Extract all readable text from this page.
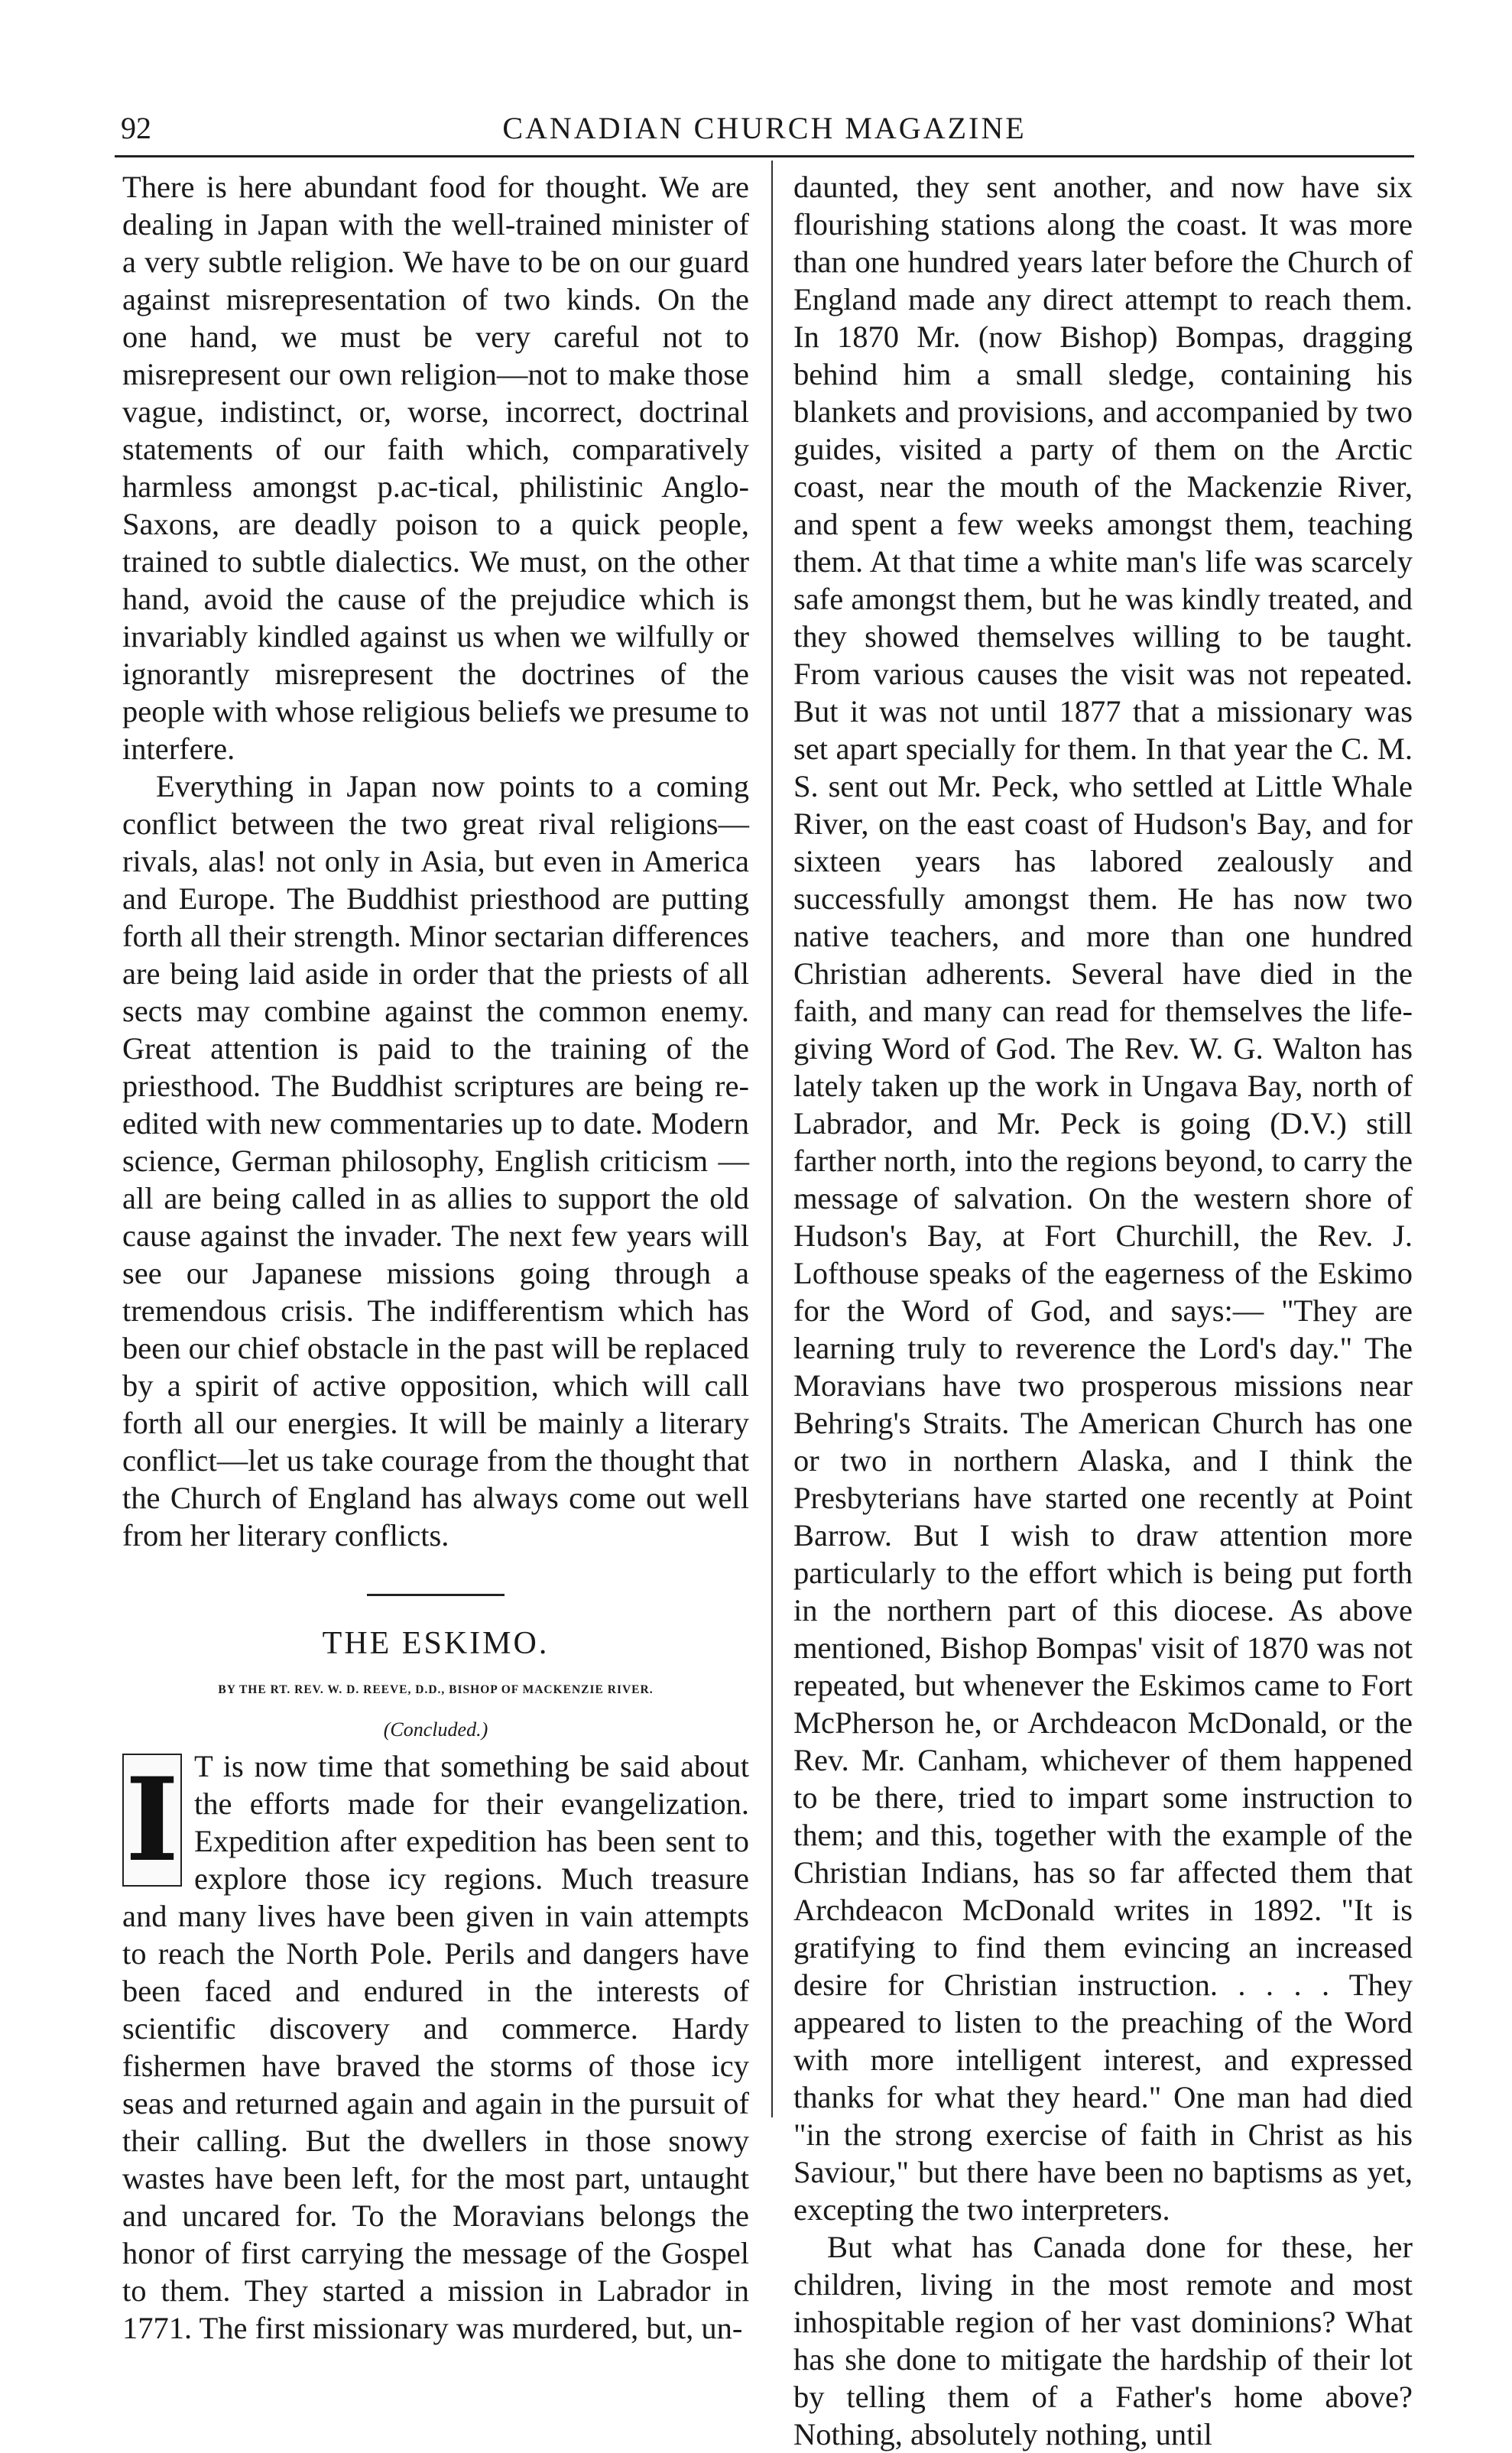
92	CANADIAN CHURCH MAGAZINE

There is here abundant food for thought. We are dealing in Japan with the well-trained minister of a very subtle religion. We have to be on our guard against misrepresentation of two kinds. On the one hand, we must be very careful not to misrepresent our own religion—not to make those vague, indistinct, or, worse, incorrect, doctrinal statements of our faith which, comparatively harmless amongst p.ac-tical, philistinic Anglo-Saxons, are deadly poison to a quick people, trained to subtle dialectics. We must, on the other hand, avoid the cause of the prejudice which is invariably kindled against us when we wilfully or ignorantly misrepresent the doctrines of the people with whose religious beliefs we presume to interfere.

Everything in Japan now points to a coming conflict between the two great rival religions—rivals, alas! not only in Asia, but even in America and Europe. The Buddhist priesthood are putting forth all their strength. Minor sectarian differences are being laid aside in order that the priests of all sects may combine against the common enemy. Great attention is paid to the training of the priesthood. The Buddhist scriptures are being re-edited with new commentaries up to date. Modern science, German philosophy, English criticism —all are being called in as allies to support the old cause against the invader. The next few years will see our Japanese missions going through a tremendous crisis. The indifferentism which has been our chief obstacle in the past will be replaced by a spirit of active opposition, which will call forth all our energies. It will be mainly a literary conflict—let us take courage from the thought that the Church of England has always come out well from her literary conflicts.

THE ESKIMO.
BY THE RT. REV. W. D. REEVE, D.D., BISHOP OF MACKENZIE RIVER.
(Concluded.)

I T is now time that something be said about the efforts made for their evangelization. Expedition after expedition has been sent to explore those icy regions. Much treasure and many lives have been given in vain attempts to reach the North Pole. Perils and dangers have been faced and endured in the interests of scientific discovery and commerce. Hardy fishermen have braved the storms of those icy seas and returned again and again in the pursuit of their calling. But the dwellers in those snowy wastes have been left, for the most part, untaught and uncared for. To the Moravians belongs the honor of first carrying the message of the Gospel to them. They started a mission in Labrador in 1771. The first missionary was murdered, but, un-

daunted, they sent another, and now have six flourishing stations along the coast. It was more than one hundred years later before the Church of England made any direct attempt to reach them. In 1870 Mr. (now Bishop) Bompas, dragging behind him a small sledge, containing his blankets and provisions, and accompanied by two guides, visited a party of them on the Arctic coast, near the mouth of the Mackenzie River, and spent a few weeks amongst them, teaching them. At that time a white man's life was scarcely safe amongst them, but he was kindly treated, and they showed themselves willing to be taught. From various causes the visit was not repeated. But it was not until 1877 that a missionary was set apart specially for them. In that year the C. M. S. sent out Mr. Peck, who settled at Little Whale River, on the east coast of Hudson's Bay, and for sixteen years has labored zealously and successfully amongst them. He has now two native teachers, and more than one hundred Christian adherents. Several have died in the faith, and many can read for themselves the life-giving Word of God. The Rev. W. G. Walton has lately taken up the work in Ungava Bay, north of Labrador, and Mr. Peck is going (D.V.) still farther north, into the regions beyond, to carry the message of salvation. On the western shore of Hudson's Bay, at Fort Churchill, the Rev. J. Lofthouse speaks of the eagerness of the Eskimo for the Word of God, and says:— "They are learning truly to reverence the Lord's day." The Moravians have two prosperous missions near Behring's Straits. The American Church has one or two in northern Alaska, and I think the Presbyterians have started one recently at Point Barrow. But I wish to draw attention more particularly to the effort which is being put forth in the northern part of this diocese. As above mentioned, Bishop Bompas' visit of 1870 was not repeated, but whenever the Eskimos came to Fort McPherson he, or Archdeacon McDonald, or the Rev. Mr. Canham, whichever of them happened to be there, tried to impart some instruction to them; and this, together with the example of the Christian Indians, has so far affected them that Archdeacon McDonald writes in 1892. "It is gratifying to find them evincing an increased desire for Christian instruction. . . . . They appeared to listen to the preaching of the Word with more intelligent interest, and expressed thanks for what they heard." One man had died "in the strong exercise of faith in Christ as his Saviour," but there have been no baptisms as yet, excepting the two interpreters.

But what has Canada done for these, her children, living in the most remote and most inhospitable region of her vast dominions? What has she done to mitigate the hardship of their lot by telling them of a Father's home above? Nothing, absolutely nothing, until
